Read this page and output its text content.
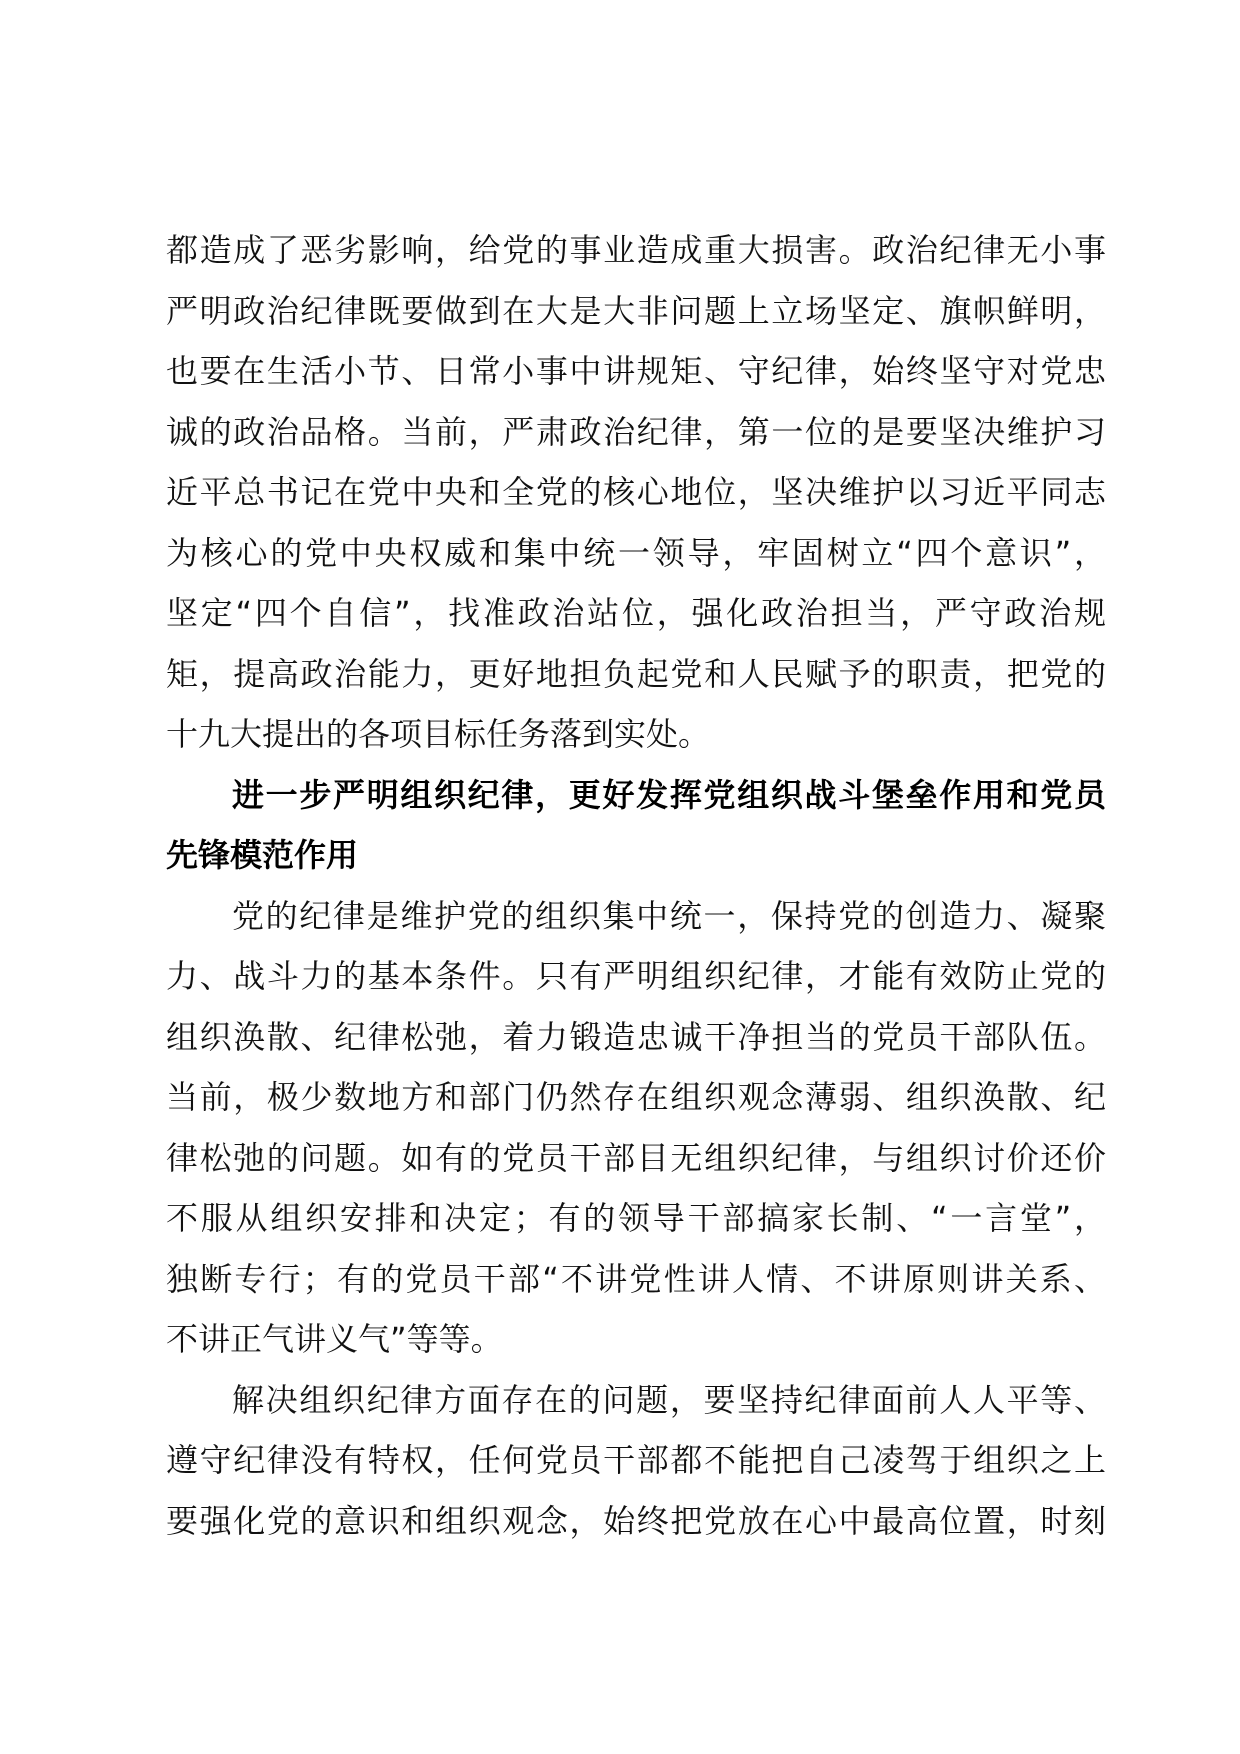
都造成了恶劣影响，给党的事业造成重大损害。政治纪律无小事
严明政治纪律既要做到在大是大非问题上立场坚定、旗帜鲜明，
也要在生活小节、日常小事中讲规矩、守纪律，始终坚守对党忠
诚的政治品格。当前，严肃政治纪律，第一位的是要坚决维护习
近平总书记在党中央和全党的核心地位，坚决维护以习近平同志
为核心的党中央权威和集中统一领导，牢固树立“四个意识”，
坚定“四个自信”，找准政治站位，强化政治担当，严守政治规
矩，提高政治能力，更好地担负起党和人民赋予的职责，把党的
十九大提出的各项目标任务落到实处。
进一步严明组织纪律，更好发挥党组织战斗堡垒作用和党员
先锋模范作用
党的纪律是维护党的组织集中统一，保持党的创造力、凝聚
力、战斗力的基本条件。只有严明组织纪律，才能有效防止党的
组织涣散、纪律松弛，着力锻造忠诚干净担当的党员干部队伍。
当前，极少数地方和部门仍然存在组织观念薄弱、组织涣散、纪
律松弛的问题。如有的党员干部目无组织纪律，与组织讨价还价
不服从组织安排和决定；有的领导干部搞家长制、“一言堂”，
独断专行；有的党员干部“不讲党性讲人情、不讲原则讲关系、
不讲正气讲义气”等等。
解决组织纪律方面存在的问题，要坚持纪律面前人人平等、
遵守纪律没有特权，任何党员干部都不能把自己凌驾于组织之上
要强化党的意识和组织观念，始终把党放在心中最高位置，时刻
